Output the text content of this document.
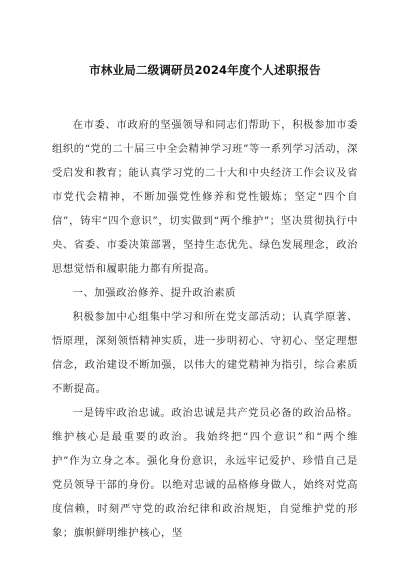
市林业局二级调研员2024年度个人述职报告

在市委、市政府的坚强领导和同志们帮助下，积极参加市委组织的“党的二十届三中全会精神学习班”等一系列学习活动，深受启发和教育；能认真学习党的二十大和中央经济工作会议及省市党代会精神，不断加强党性修养和党性锻炼；坚定“四个自信”，铸牢“四个意识”，切实做到“两个维护”；坚决贯彻执行中央、省委、市委决策部署，坚持生态优先、绿色发展理念，政治思想觉悟和履职能力都有所提高。

一、加强政治修养、提升政治素质

积极参加中心组集中学习和所在党支部活动；认真学原著、悟原理，深刻领悟精神实质，进一步明初心、守初心、坚定理想信念，政治建设不断加强，以伟大的建党精神为指引，综合素质不断提高。

一是铸牢政治忠诚。政治忠诚是共产党员必备的政治品格。维护核心是最重要的政治。我始终把“四个意识”和“两个维护”作为立身之本。强化身份意识，永远牢记爱护、珍惜自己是党员领导干部的身份。以绝对忠诚的品格修身做人，始终对党高度信赖，时刻严守党的政治纪律和政治规矩，自觉维护党的形象；旗帜鲜明维护核心，坚
